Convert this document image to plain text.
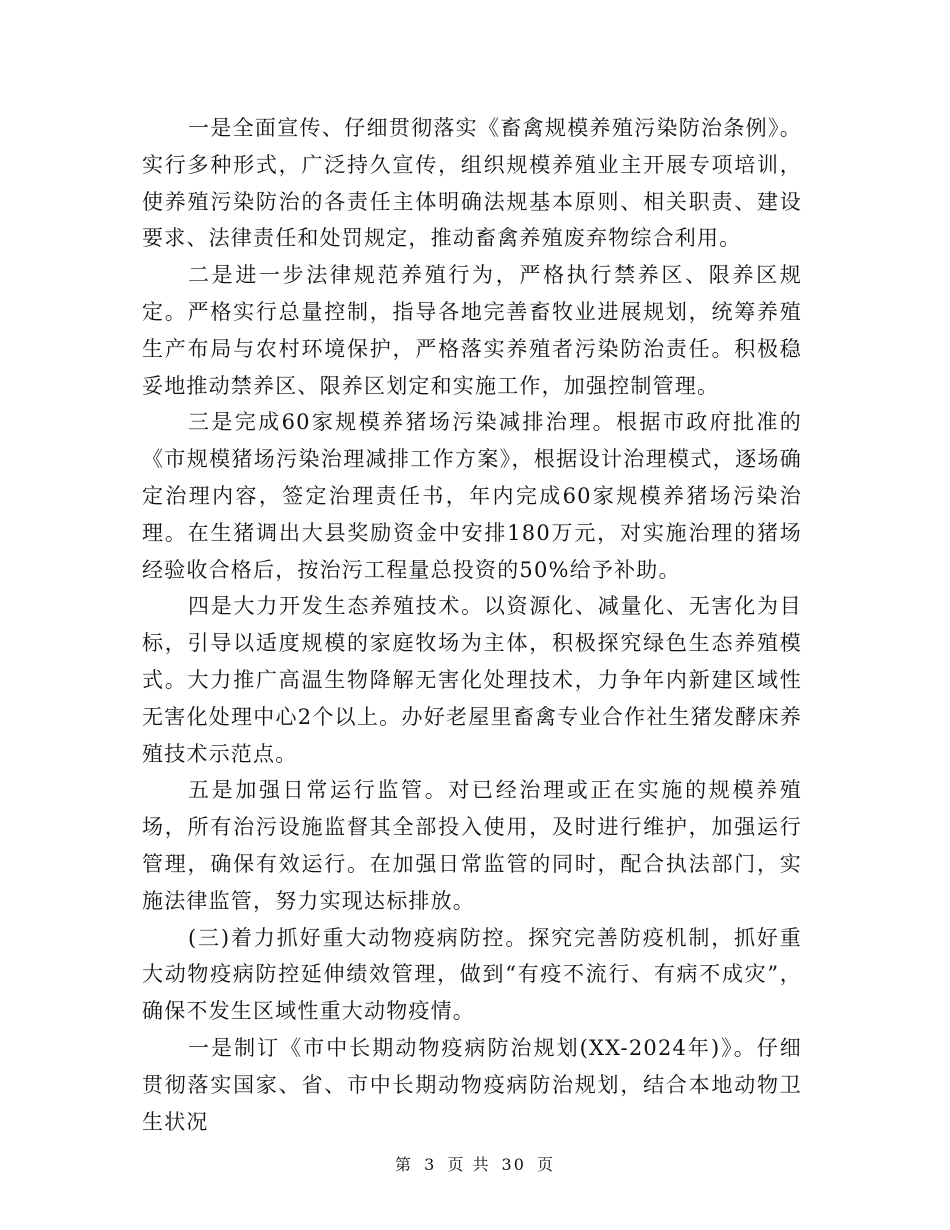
一是全面宣传、仔细贯彻落实《畜禽规模养殖污染防治条例》。实行多种形式，广泛持久宣传，组织规模养殖业主开展专项培训，使养殖污染防治的各责任主体明确法规基本原则、相关职责、建设要求、法律责任和处罚规定，推动畜禽养殖废弃物综合利用。

二是进一步法律规范养殖行为，严格执行禁养区、限养区规定。严格实行总量控制，指导各地完善畜牧业进展规划，统筹养殖生产布局与农村环境保护，严格落实养殖者污染防治责任。积极稳妥地推动禁养区、限养区划定和实施工作，加强控制管理。

三是完成60家规模养猪场污染减排治理。根据市政府批准的《市规模猪场污染治理减排工作方案》，根据设计治理模式，逐场确定治理内容，签定治理责任书，年内完成60家规模养猪场污染治理。在生猪调出大县奖励资金中安排180万元，对实施治理的猪场经验收合格后，按治污工程量总投资的50%给予补助。

四是大力开发生态养殖技术。以资源化、减量化、无害化为目标，引导以适度规模的家庭牧场为主体，积极探究绿色生态养殖模式。大力推广高温生物降解无害化处理技术，力争年内新建区域性无害化处理中心2个以上。办好老屋里畜禽专业合作社生猪发酵床养殖技术示范点。

五是加强日常运行监管。对已经治理或正在实施的规模养殖场，所有治污设施监督其全部投入使用，及时进行维护，加强运行管理，确保有效运行。在加强日常监管的同时，配合执法部门，实施法律监管，努力实现达标排放。

(三)着力抓好重大动物疫病防控。探究完善防疫机制，抓好重大动物疫病防控延伸绩效管理，做到“有疫不流行、有病不成灾”，确保不发生区域性重大动物疫情。

一是制订《市中长期动物疫病防治规划(XX-2024年)》。仔细贯彻落实国家、省、市中长期动物疫病防治规划，结合本地动物卫生状况

第 3 页 共 30 页
